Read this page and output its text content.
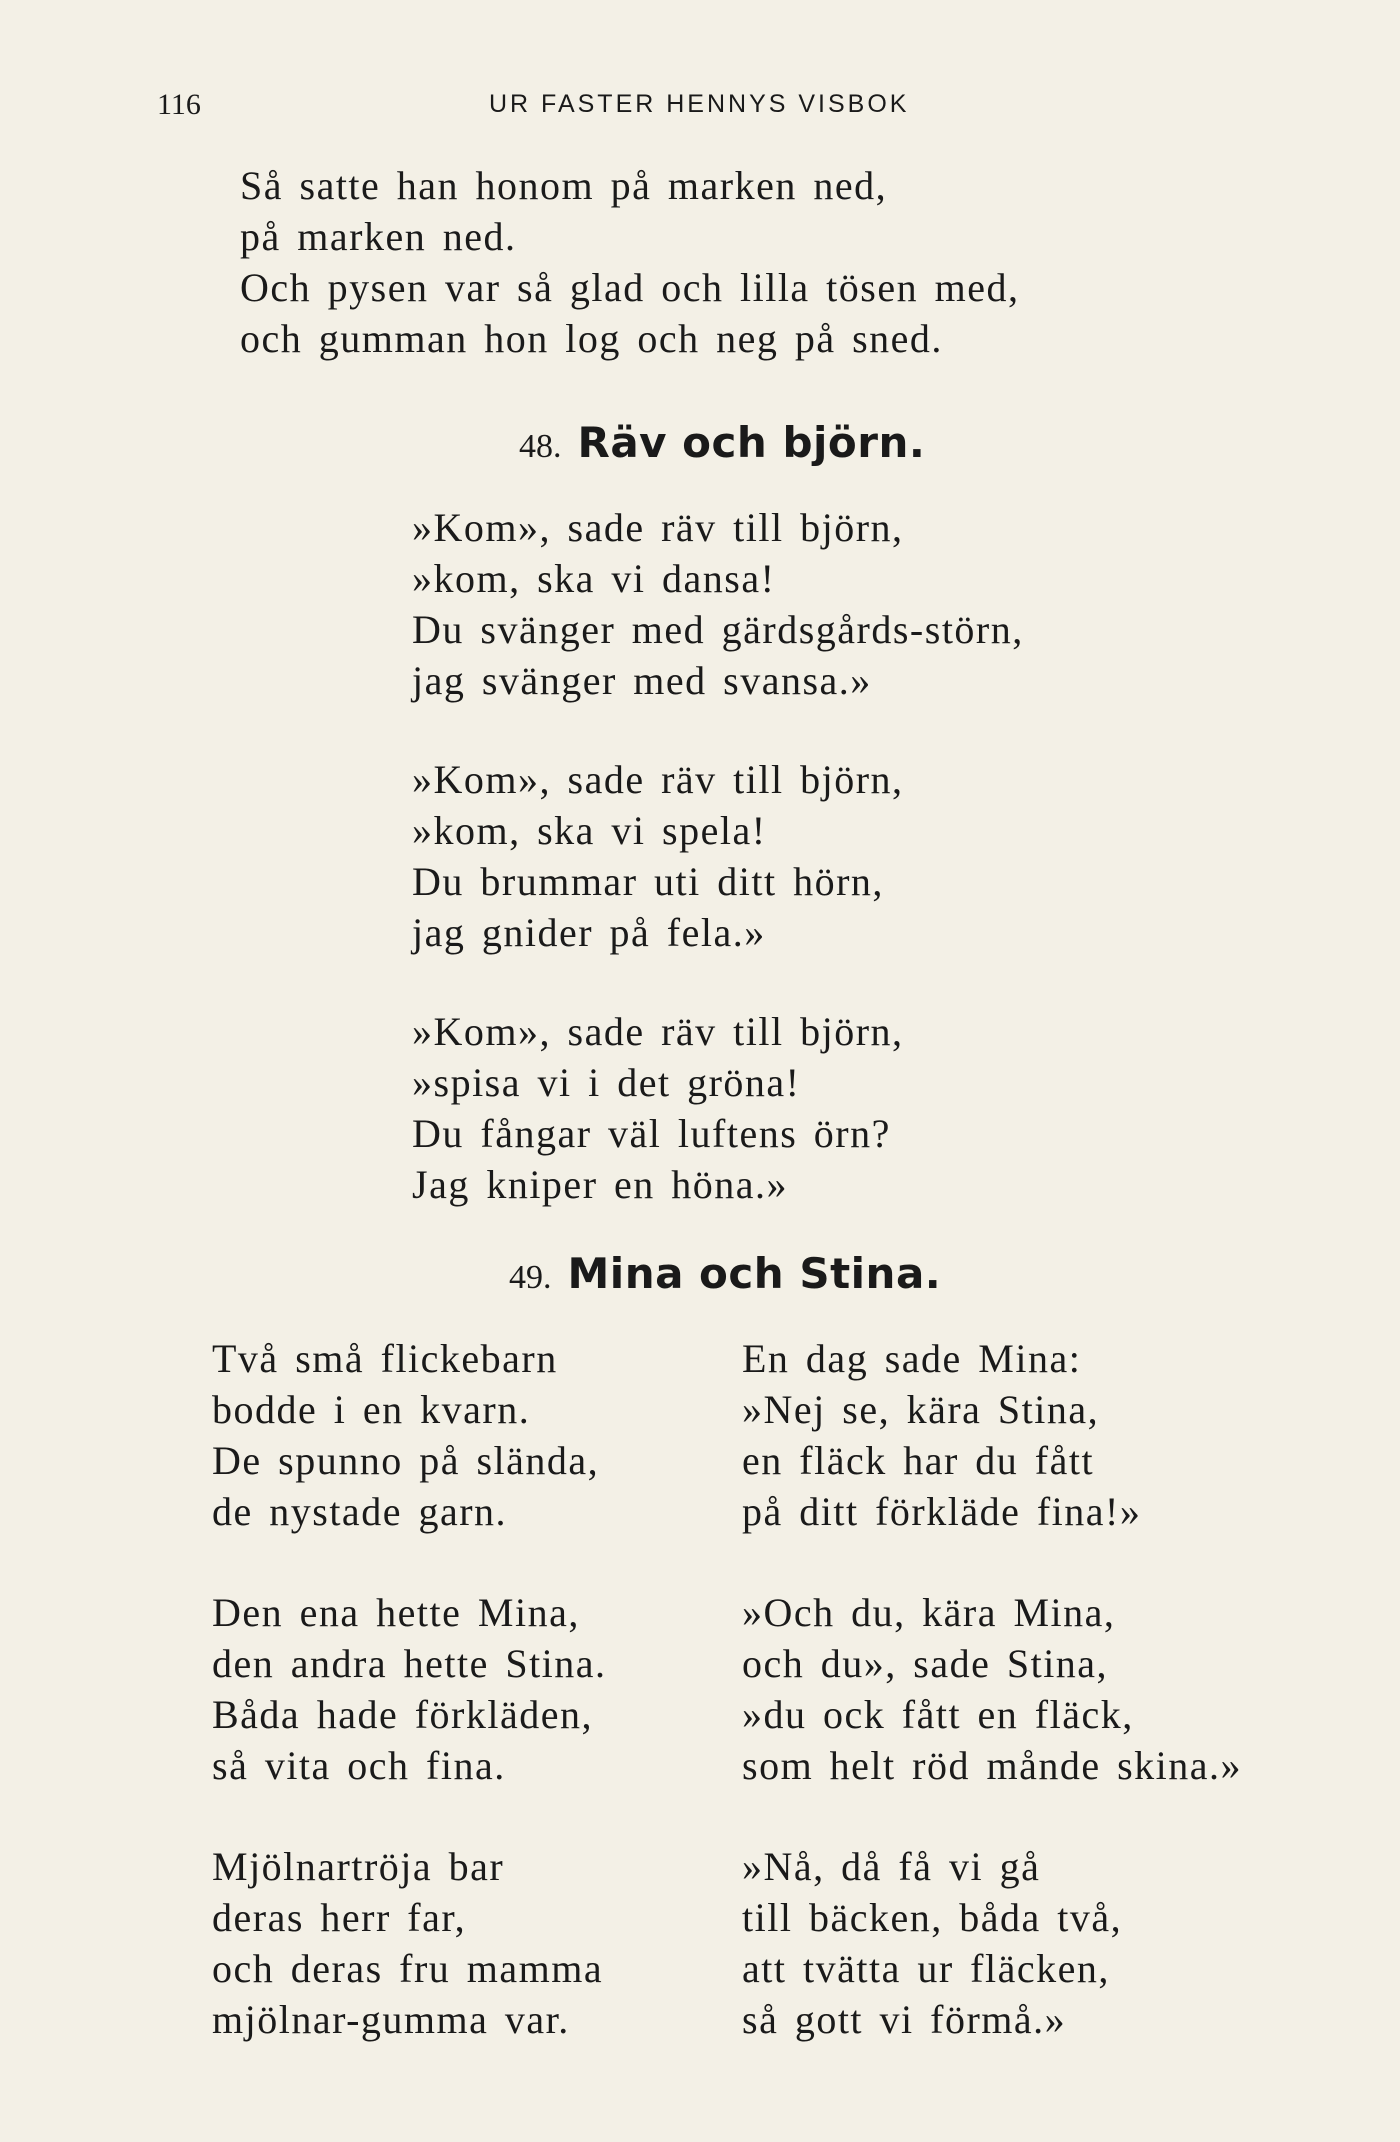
116	UR FASTER HENNYS VISBOK
Så satte han honom på marken ned,
på marken ned.
Och pysen var så glad och lilla tösen med,
och gumman hon log och neg på sned.
48. Räv och björn.
»Kom», sade räv till björn,
»kom, ska vi dansa!
Du svänger med gärdsgårds-störn,
jag svänger med svansa.»
»Kom», sade räv till björn,
»kom, ska vi spela!
Du brummar uti ditt hörn,
jag gnider på fela.»
»Kom», sade räv till björn,
»spisa vi i det gröna!
Du fångar väl luftens örn?
Jag kniper en höna.»
49. Mina och Stina.
Två små flickebarn
bodde i en kvarn.
De spunno på slända,
de nystade garn.
Den ena hette Mina,
den andra hette Stina.
Båda hade förkläden,
så vita och fina.
Mjölnartröja bar
deras herr far,
och deras fru mamma
mjölnar-gumma var.
En dag sade Mina:
»Nej se, kära Stina,
en fläck har du fått
på ditt förkläde fina!»
»Och du, kära Mina,
och du», sade Stina,
»du ock fått en fläck,
som helt röd månde skina.»
»Nå, då få vi gå
till bäcken, båda två,
att tvätta ur fläcken,
så gott vi förmå.»
